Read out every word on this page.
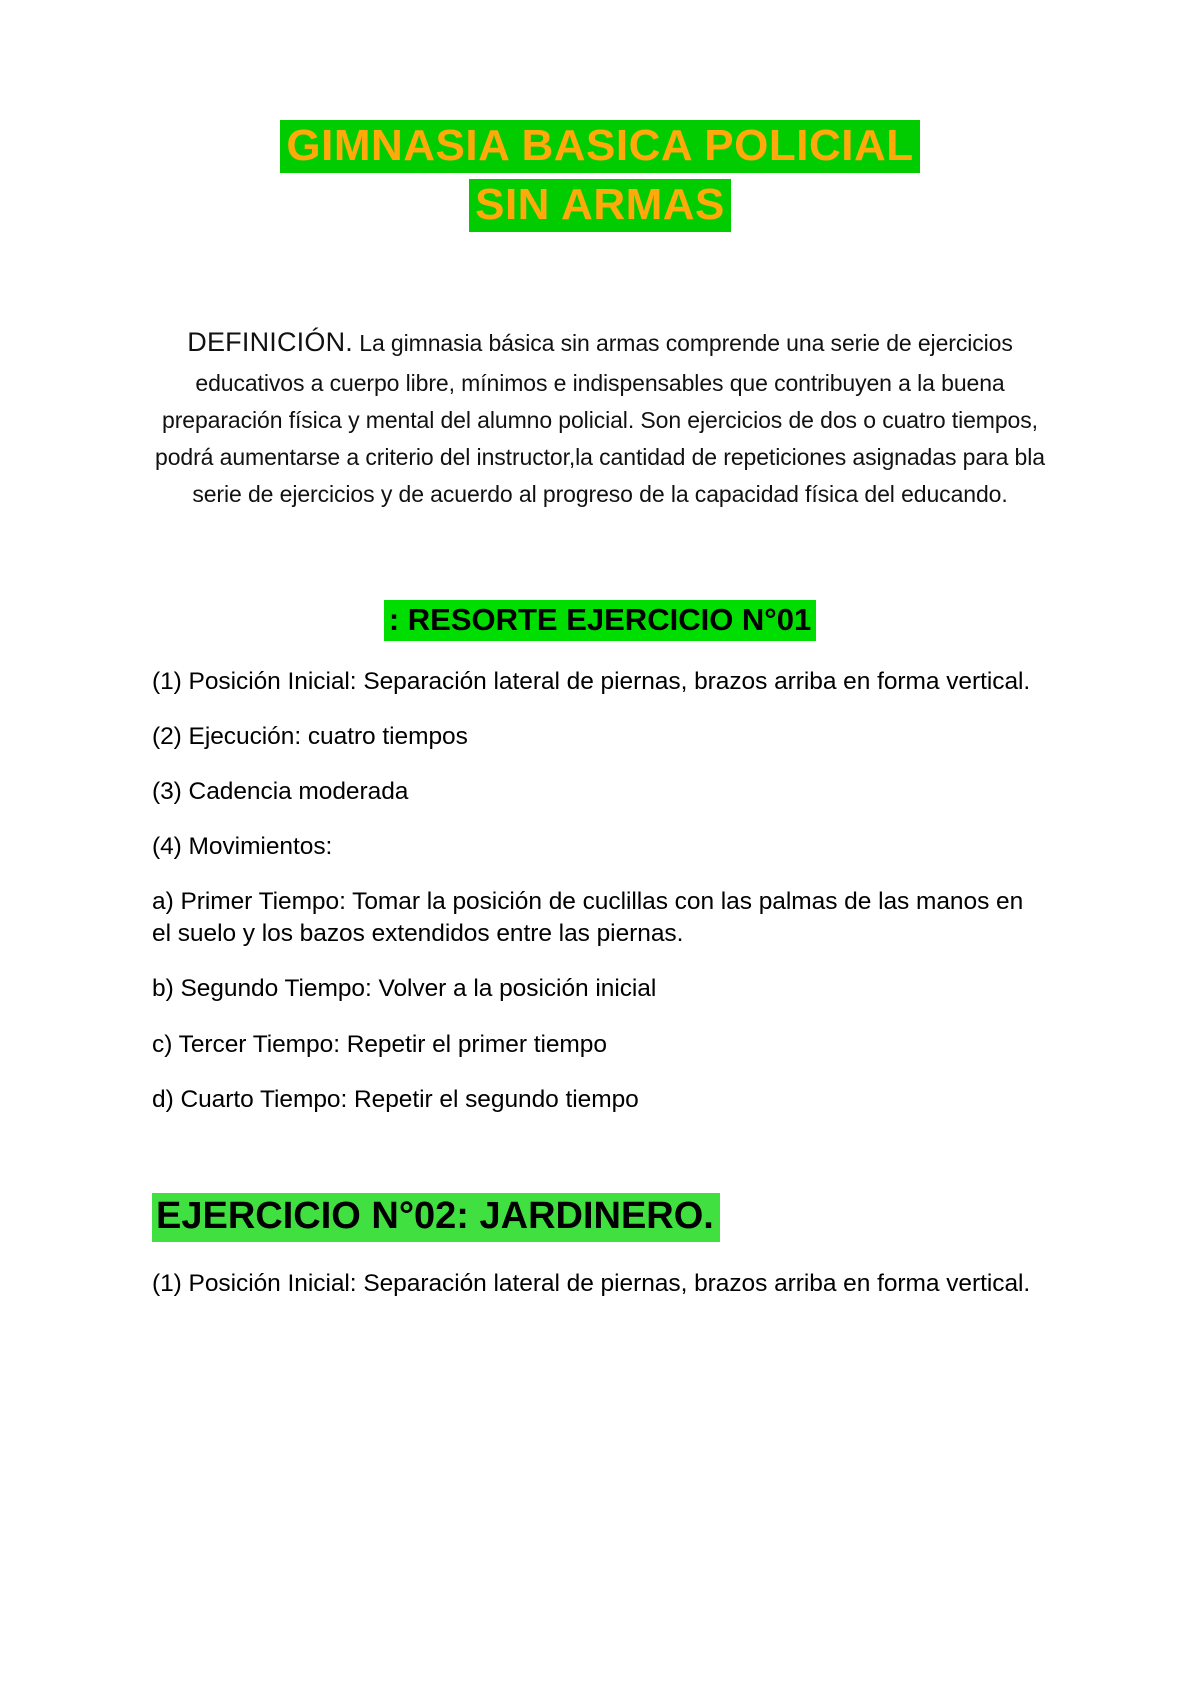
GIMNASIA BASICA POLICIAL
SIN ARMAS

DEFINICIÓN. La gimnasia básica sin armas comprende una serie de ejercicios educativos a cuerpo libre, mínimos e indispensables que contribuyen a la buena preparación física y mental del alumno policial. Son ejercicios de dos o cuatro tiempos, podrá aumentarse a criterio del instructor,la cantidad de repeticiones asignadas para bla serie de ejercicios y de acuerdo al progreso de la capacidad física del educando.

: RESORTE EJERCICIO N°01
(1) Posición Inicial: Separación lateral de piernas, brazos arriba en forma vertical.
(2) Ejecución: cuatro tiempos
(3) Cadencia moderada
(4) Movimientos:
a) Primer Tiempo: Tomar la posición de cuclillas con las palmas de las manos en el suelo y los bazos extendidos entre las piernas.
b) Segundo Tiempo: Volver a la posición inicial
c) Tercer Tiempo: Repetir el primer tiempo
d) Cuarto Tiempo: Repetir el segundo tiempo
EJERCICIO N°02: JARDINERO.
(1) Posición Inicial: Separación lateral de piernas, brazos arriba en forma vertical.
